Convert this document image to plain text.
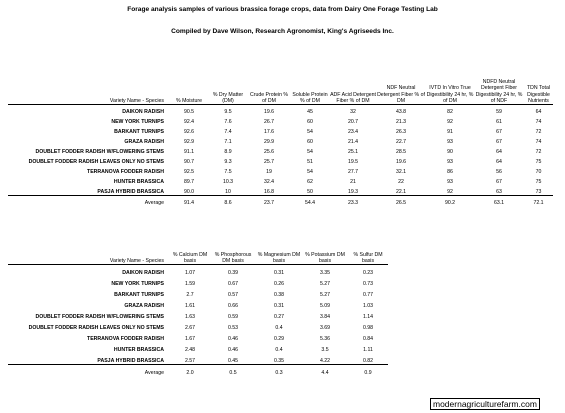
Forage analysis samples of various brassica forage crops, data from Dairy One Forage Testing Lab
Compiled by Dave Wilson, Research Agronomist, King's Agriseeds Inc.
Variety Name - Species	% Moisture	% Dry Matter (DM)	Crude Protein % of DM	Soluble Protein % of DM	ADF Acid Detergent Fiber % of DM	NDF Neutral Detergent Fiber % of DM	IVTD In Vitro True Digestibility 24 hr, % of DM	NDFD Neutral Detergent Fiber Digestibility 24 hr, % of NDF	TDN Total Digestible Nutrients
DAIKON RADISH	90.5	9.5	19.6	45	32	43.8	82	59	64
NEW YORK TURNIPS	92.4	7.6	26.7	60	20.7	21.3	92	61	74
BARKANT TURNIPS	92.6	7.4	17.6	54	23.4	26.3	91	67	72
GRAZA RADISH	92.9	7.1	29.9	60	21.4	22.7	93	67	74
DOUBLET FODDER RADISH W/FLOWERING STEMS	91.1	8.9	25.6	54	25.1	28.5	90	64	72
DOUBLET FODDER RADISH LEAVES ONLY NO STEMS	90.7	9.3	25.7	51	19.5	19.6	93	64	75
TERRANOVA FODDER RADISH	92.5	7.5	19	54	27.7	32.1	86	56	70
HUNTER BRASSICA	89.7	10.3	32.4	62	21	22	93	67	75
PASJA HYBRID BRASSICA	90.0	10	16.8	50	19.3	22.1	92	63	73
Average	91.4	8.6	23.7	54.4	23.3	26.5	90.2	63.1	72.1
Variety Name - Species	% Calcium DM basis	% Phosphorous DM basis	% Magnesium DM basis	% Potassium DM basis	% Sulfur DM basis
DAIKON RADISH	1.07	0.39	0.31	3.35	0.23
NEW YORK TURNIPS	1.59	0.67	0.26	5.27	0.73
BARKANT TURNIPS	2.7	0.57	0.38	5.27	0.77
GRAZA RADISH	1.61	0.66	0.31	5.09	1.03
DOUBLET FODDER RADISH W/FLOWERING STEMS	1.63	0.59	0.27	3.84	1.14
DOUBLET FODDER RADISH LEAVES ONLY NO STEMS	2.67	0.53	0.4	3.69	0.98
TERRANOVA FODDER RADISH	1.67	0.46	0.29	5.36	0.84
HUNTER BRASSICA	2.48	0.46	0.4	3.5	1.11
PASJA HYBRID BRASSICA	2.57	0.45	0.35	4.22	0.82
Average	2.0	0.5	0.3	4.4	0.9
modernagriculturefarm.com
